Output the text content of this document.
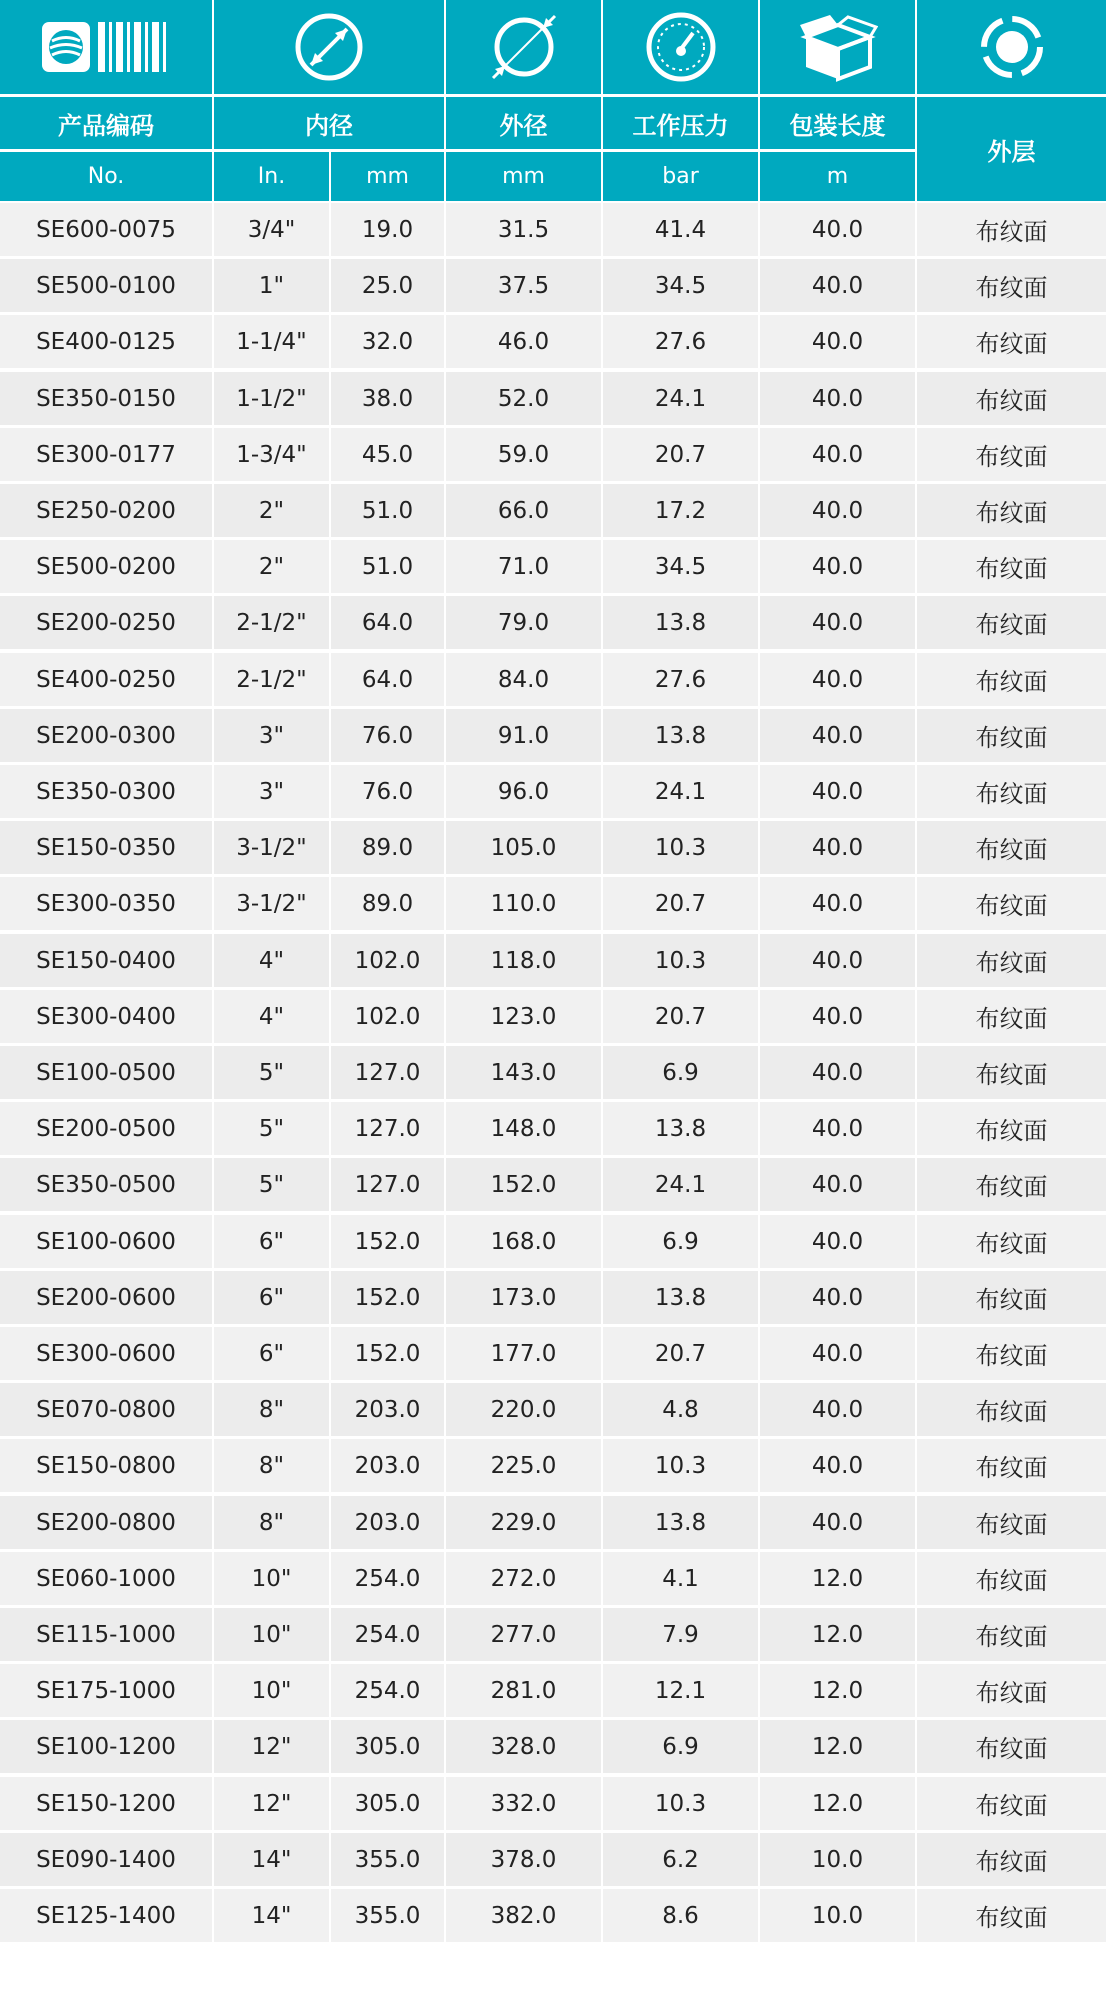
产品编码	内径	外径	工作压力	包装长度
外层
No.	In.	mm	mm	bar	m
SE600-0075	3/4"	19.0	31.5	41.4	40.0	布纹面
SE500-0100	1"	25.0	37.5	34.5	40.0	布纹面
SE400-0125	1-1/4"	32.0	46.0	27.6	40.0	布纹面
SE350-0150	1-1/2"	38.0	52.0	24.1	40.0	布纹面
SE300-0177	1-3/4"	45.0	59.0	20.7	40.0	布纹面
SE250-0200	2"	51.0	66.0	17.2	40.0	布纹面
SE500-0200	2"	51.0	71.0	34.5	40.0	布纹面
SE200-0250	2-1/2"	64.0	79.0	13.8	40.0	布纹面
SE400-0250	2-1/2"	64.0	84.0	27.6	40.0	布纹面
SE200-0300	3"	76.0	91.0	13.8	40.0	布纹面
SE350-0300	3"	76.0	96.0	24.1	40.0	布纹面
SE150-0350	3-1/2"	89.0	105.0	10.3	40.0	布纹面
SE300-0350	3-1/2"	89.0	110.0	20.7	40.0	布纹面
SE150-0400	4"	102.0	118.0	10.3	40.0	布纹面
SE300-0400	4"	102.0	123.0	20.7	40.0	布纹面
SE100-0500	5"	127.0	143.0	6.9	40.0	布纹面
SE200-0500	5"	127.0	148.0	13.8	40.0	布纹面
SE350-0500	5"	127.0	152.0	24.1	40.0	布纹面
SE100-0600	6"	152.0	168.0	6.9	40.0	布纹面
SE200-0600	6"	152.0	173.0	13.8	40.0	布纹面
SE300-0600	6"	152.0	177.0	20.7	40.0	布纹面
SE070-0800	8"	203.0	220.0	4.8	40.0	布纹面
SE150-0800	8"	203.0	225.0	10.3	40.0	布纹面
SE200-0800	8"	203.0	229.0	13.8	40.0	布纹面
SE060-1000	10"	254.0	272.0	4.1	12.0	布纹面
SE115-1000	10"	254.0	277.0	7.9	12.0	布纹面
SE175-1000	10"	254.0	281.0	12.1	12.0	布纹面
SE100-1200	12"	305.0	328.0	6.9	12.0	布纹面
SE150-1200	12"	305.0	332.0	10.3	12.0	布纹面
SE090-1400	14"	355.0	378.0	6.2	10.0	布纹面
SE125-1400	14"	355.0	382.0	8.6	10.0	布纹面
